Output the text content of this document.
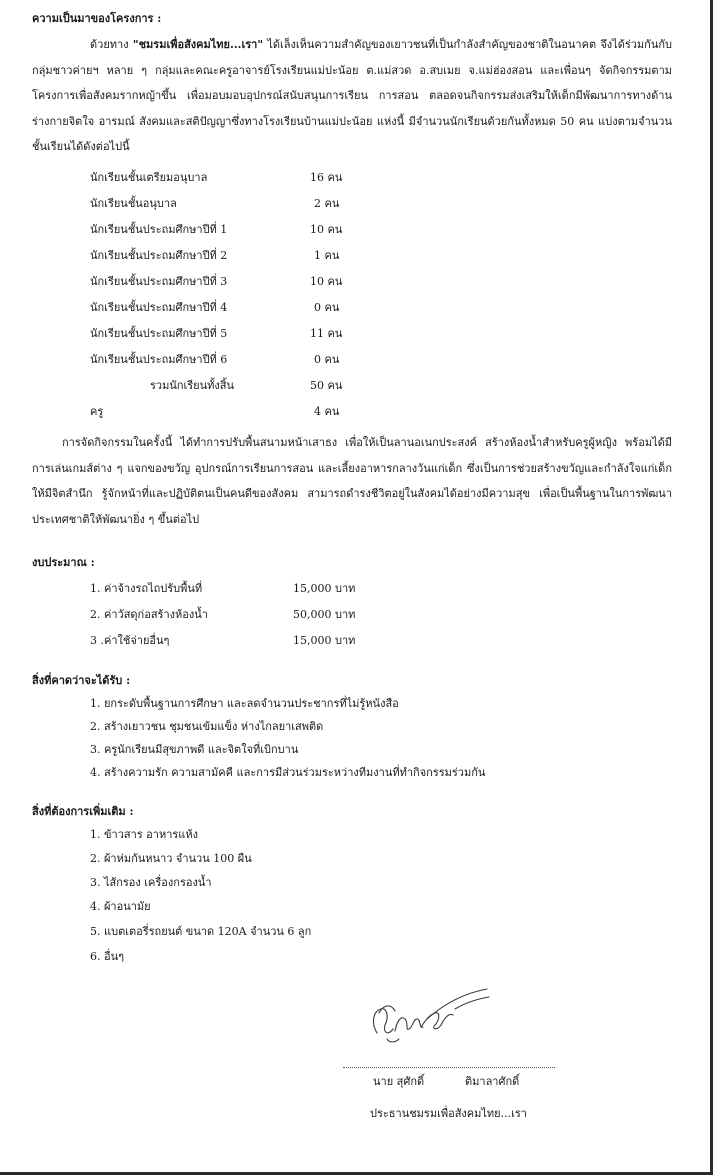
ความเป็นมาของโครงการ :
ด้วยทาง "ชมรมเพื่อสังคมไทย...เรา" ได้เล็งเห็นความสำคัญของเยาวชนที่เป็นกำลังสำคัญของชาติในอนาคต จึงได้ร่วมกันกับกลุ่มชาวค่ายฯ หลาย ๆ กลุ่มและคณะครูอาจารย์โรงเรียนแม่ปะน้อย ต.แม่สวด อ.สบเมย จ.แม่ฮ่องสอน และเพื่อนๆ จัดกิจกรรมตามโครงการเพื่อสังคมรากหญ้าขึ้น เพื่อมอบมอบอุปกรณ์สนับสนุนการเรียน การสอน ตลอดจนกิจกรรมส่งเสริมให้เด็กมีพัฒนาการทางด้านร่างกายจิตใจ อารมณ์ สังคมและสติปัญญาซึ่งทางโรงเรียนบ้านแม่ปะน้อย แห่งนี้ มีจำนวนนักเรียนด้วยกันทั้งหมด 50 คน แบ่งตามจำนวนชั้นเรียนได้ดังต่อไปนี้
นักเรียนชั้นเตรียมอนุบาล	16 คน
นักเรียนชั้นอนุบาล	2 คน
นักเรียนชั้นประถมศึกษาปีที่ 1	10 คน
นักเรียนชั้นประถมศึกษาปีที่ 2	1 คน
นักเรียนชั้นประถมศึกษาปีที่ 3	10 คน
นักเรียนชั้นประถมศึกษาปีที่ 4	0 คน
นักเรียนชั้นประถมศึกษาปีที่ 5	11 คน
นักเรียนชั้นประถมศึกษาปีที่ 6	0 คน
รวมนักเรียนทั้งสิ้น	50 คน
ครู	4 คน
การจัดกิจกรรมในครั้งนี้ ได้ทำการปรับพื้นสนามหน้าเสาธง เพื่อให้เป็นลานอเนกประสงค์ สร้างห้องน้ำสำหรับครูผู้หญิง พร้อมได้มีการเล่นเกมส์ต่าง ๆ แจกของขวัญ อุปกรณ์การเรียนการสอน และเลี้ยงอาหารกลางวันแก่เด็ก ซึ่งเป็นการช่วยสร้างขวัญและกำลังใจแก่เด็กให้มีจิตสำนึก รู้จักหน้าที่และปฏิบัติตนเป็นคนดีของสังคม สามารถดำรงชีวิตอยู่ในสังคมได้อย่างมีความสุข เพื่อเป็นพื้นฐานในการพัฒนาประเทศชาติให้พัฒนายิ่ง ๆ ขึ้นต่อไป
งบประมาณ :
1. ค่าจ้างรถไถปรับพื้นที่	15,000 บาท
2. ค่าวัสดุก่อสร้างห้องน้ำ	50,000 บาท
3 .ค่าใช้จ่ายอื่นๆ	15,000 บาท
สิ่งที่คาดว่าจะได้รับ :
1. ยกระดับพื้นฐานการศึกษา และลดจำนวนประชากรที่ไม่รู้หนังสือ
2. สร้างเยาวชน ชุมชนเข้มแข็ง ห่างไกลยาเสพติด
3. ครูนักเรียนมีสุขภาพดี และจิตใจที่เบิกบาน
4. สร้างความรัก ความสามัคคี และการมีส่วนร่วมระหว่างทีมงานที่ทำกิจกรรมร่วมกัน
สิ่งที่ต้องการเพิ่มเติม :
1. ข้าวสาร อาหารแห้ง
2. ผ้าห่มกันหนาว จำนวน 100 ผืน
3. ไส้กรอง เครื่องกรองน้ำ
4. ผ้าอนามัย
5. แบตเตอรี่รถยนต์ ขนาด 120A จำนวน 6 ลูก
6. อื่นๆ
นาย สุศักดิ์	ติมาลาศักดิ์
ประธานชมรมเพื่อสังคมไทย...เรา
